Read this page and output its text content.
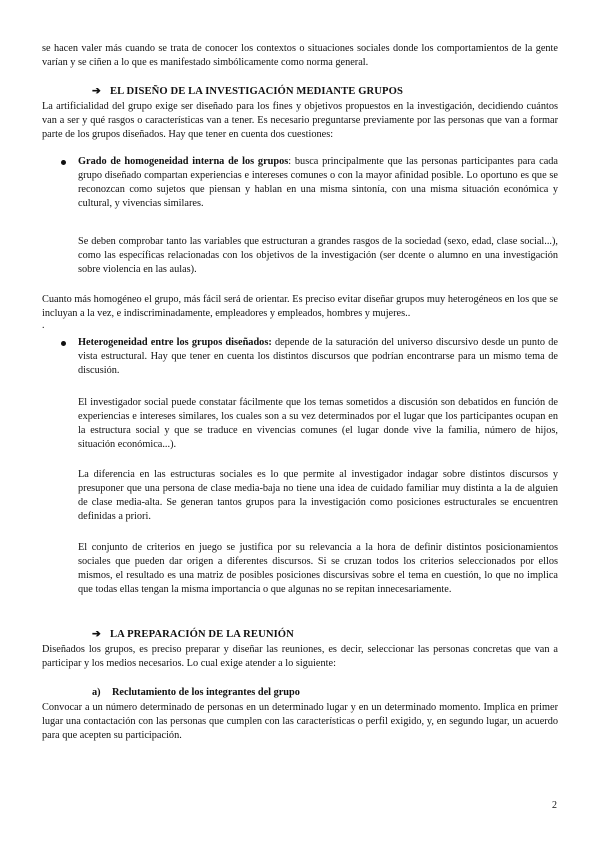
se hacen valer más cuando se trata de conocer los contextos o situaciones sociales donde los comportamientos de la gente varían y se ciñen a lo que es manifestado simbólicamente como norma general.

➔ EL DISEÑO DE LA INVESTIGACIÓN MEDIANTE GRUPOS

La artificialidad del grupo exige ser diseñado para los fines y objetivos propuestos en la investigación, decidiendo cuántos van a ser y qué rasgos o características van a tener. Es necesario preguntarse previamente por las personas que van a formar parte de los grupos diseñados. Hay que tener en cuenta dos cuestiones:

Grado de homogeneidad interna de los grupos: busca principalmente que las personas participantes para cada grupo diseñado compartan experiencias e intereses comunes o con la mayor afinidad posible. Lo oportuno es que se reconozcan como sujetos que piensan y hablan en una misma sintonía, con una misma situación económica y cultural, y vivencias similares.

Se deben comprobar tanto las variables que estructuran a grandes rasgos de la sociedad (sexo, edad, clase social...), como las específicas relacionadas con los objetivos de la investigación (ser dcente o alumno en una investigación sobre violencia en las aulas).

Cuanto más homogéneo el grupo, más fácil será de orientar. Es preciso evitar diseñar grupos muy heterogéneos en los que se incluyan a la vez, e indiscriminadamente, empleadores y empleados, hombres y mujeres..

.

Heterogeneidad entre los grupos diseñados: depende de la saturación del universo discursivo desde un punto de vista estructural. Hay que tener en cuenta los distintos discursos que podrían encontrarse para un mismo tema de discusión.

El investigador social puede constatar fácilmente que los temas sometidos a discusión son debatidos en función de experiencias e intereses similares, los cuales son a su vez determinados por el lugar que los participantes ocupan en la estructura social y que se traduce en vivencias comunes (el lugar donde vive la familia, número de hijos, situación económica...).

La diferencia en las estructuras sociales es lo que permite al investigador indagar sobre distintos discursos y presuponer que una persona de clase media-baja no tiene una idea de cuidado familiar muy distinta a la de alguien de clase media-alta. Se generan tantos grupos para la investigación como posiciones estructurales se encuentren definidas a priori.

El conjunto de criterios en juego se justifica por su relevancia a la hora de definir distintos posicionamientos sociales que pueden dar origen a diferentes discursos. Si se cruzan todos los criterios seleccionados por ellos mismos, el resultado es una matriz de posibles posiciones discursivas sobre el tema en cuestión, lo que no implica que todas ellas tengan la misma importancia o que algunas no se repitan innecesariamente.

➔ LA PREPARACIÓN DE LA REUNIÓN

Diseñados los grupos, es preciso preparar y diseñar las reuniones, es decir, seleccionar las personas concretas que van a participar y los medios necesarios. Lo cual exige atender a lo siguiente:

a) Reclutamiento de los integrantes del grupo

Convocar a un número determinado de personas en un determinado lugar y en un determinado momento. Implica en primer lugar una contactación con las personas que cumplen con las características o perfil exigido, y, en segundo lugar, un acuerdo para que acepten su participación.

2
